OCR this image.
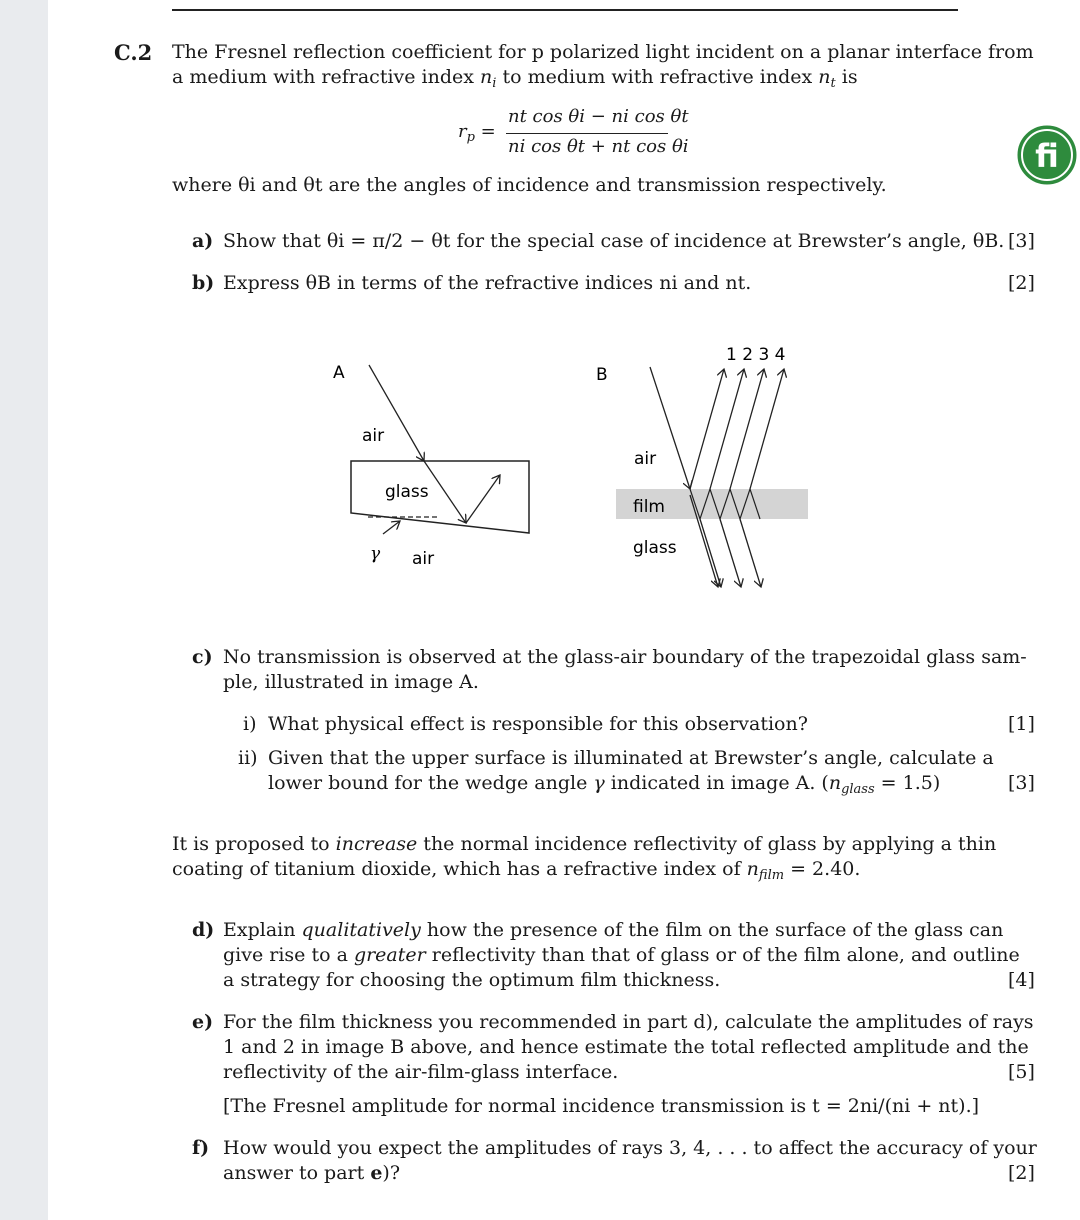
C.2 The Fresnel reflection coefficient for p polarized light incident on a planar interface from
a medium with refractive index $n_i$ to medium with refractive index $n_t$ is
$r_p$ =
nt cos θi − ni cos θt
ni cos θt + nt cos θi	fi
where θi and θt are the angles of incidence and transmission respectively.
a) Show that θi = π/2 − θt for the special case of incidence at Brewster’s angle, θB. [3]
b) Express θB in terms of the refractive indices ni and nt.	[2]
A
air
glass
γ air
B
1 2 3 4
air
film
glass
c) No transmission is observed at the glass-air boundary of the trapezoidal glass sam-
ple, illustrated in image A.
i) What physical effect is responsible for this observation?	[1]
ii) Given that the upper surface is illuminated at Brewster’s angle, calculate a
lower bound for the wedge angle γ indicated in image A. $(n_{glass} = 1.5)$	[3]
It is proposed to increase the normal incidence reflectivity of glass by applying a thin
coating of titanium dioxide, which has a refractive index of $n_{film} = 2.40$.
d) Explain qualitatively how the presence of the film on the surface of the glass can
give rise to a greater reflectivity than that of glass or of the film alone, and outline
a strategy for choosing the optimum film thickness.	[4]
e) For the film thickness you recommended in part d), calculate the amplitudes of rays
1 and 2 in image B above, and hence estimate the total reflected amplitude and the
reflectivity of the air-film-glass interface.	[5]
[The Fresnel amplitude for normal incidence transmission is t = 2ni/(ni + nt).]
f) How would you expect the amplitudes of rays 3, 4, . . . to affect the accuracy of your
answer to part e)?	[2]
